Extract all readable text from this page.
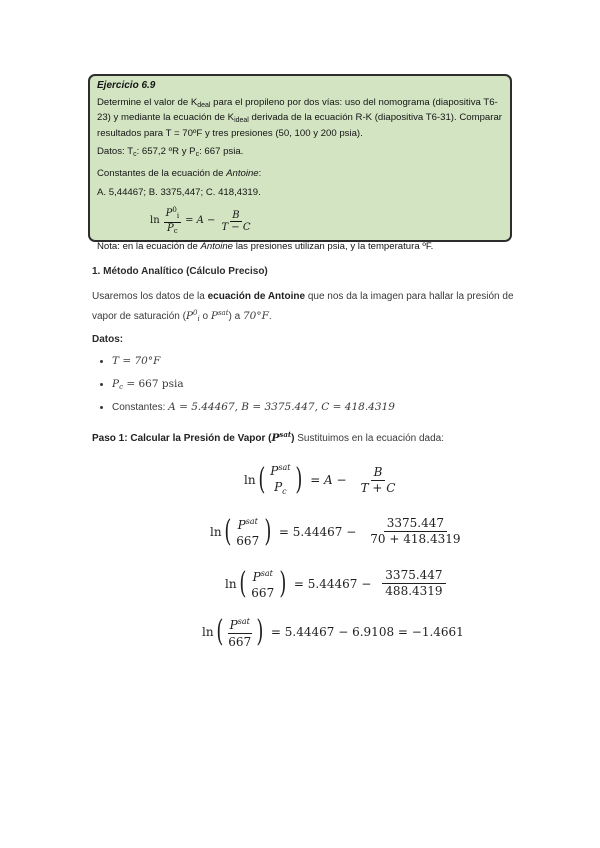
Ejercicio 6.9

Determine el valor de $K_{deal}$ para el propileno por dos vías: uso del nomograma (diapositiva T6-23) y mediante la ecuación de $K_{ideal}$ derivada de la ecuación R-K (diapositiva T6-31). Comparar resultados para T = 70ºF y tres presiones (50, 100 y 200 psia).

Datos: $T_c$: 657,2 ºR y $P_c$: 667 psia.

Constantes de la ecuación de Antoine:

A. 5,44467; B. 3375,447; C. 418,4319.

$\ln \frac{P^0_i}{P_c} = A - \frac{B}{T - C}$

Nota: en la ecuación de Antoine las presiones utilizan psia, y la temperatura ºF.

1. Método Analítico (Cálculo Preciso)
Usaremos los datos de la ecuación de Antoine que nos da la imagen para hallar la presión de vapor de saturación ($P^0_i$ o $P^{sat}$) a 70°F.
Datos:
• T = 70°F
• $P_c = 667$ psia
• Constantes: A = 5.44467, B = 3375.447, C = 418.4319
Paso 1: Calcular la Presión de Vapor $(P^{sat})$ Sustituimos en la ecuación dada:
ln ( $P^{sat}$
$P_c$ ) = $A - \frac{B}{T + C}$
ln ( $P^{sat}$
667 ) = $5.44467 - \frac{3375.447}{70 + 418.4319}$
ln ( $P^{sat}$
667 ) = $5.44467 - \frac{3375.447}{488.4319}$
ln ( $P^{sat}$
667 ) = 5.44467 − 6.9108 = −1.4661
